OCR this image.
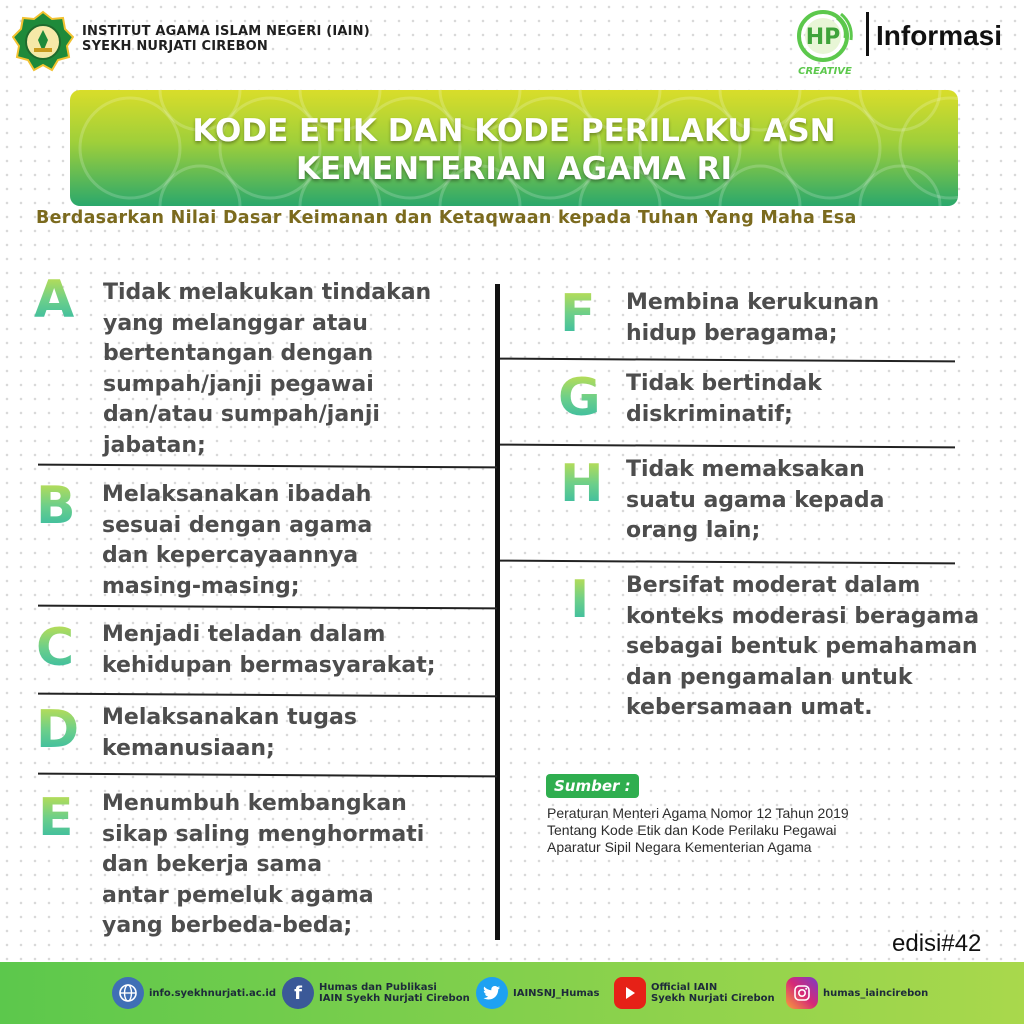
INSTITUT AGAMA ISLAM NEGERI (IAIN)
SYEKH NURJATI CIREBON	HP
CREATIVE
Informasi
KODE ETIK DAN KODE PERILAKU ASN
KEMENTERIAN AGAMA RI
Berdasarkan Nilai Dasar Keimanan dan Ketaqwaan kepada Tuhan Yang Maha Esa
A Tidak melakukan tindakan
yang melanggar atau
bertentangan dengan
sumpah/janji pegawai
dan/atau sumpah/janji
jabatan;
B Melaksanakan ibadah
sesuai dengan agama
dan kepercayaannya
masing-masing;
C Menjadi teladan dalam
kehidupan bermasyarakat;
D Melaksanakan tugas
kemanusiaan;
E Menumbuh kembangkan
sikap saling menghormati
dan bekerja sama
antar pemeluk agama
yang berbeda-beda;
F Membina kerukunan
hidup beragama;
G Tidak bertindak
diskriminatif;
H Tidak memaksakan
suatu agama kepada
orang lain;
I Bersifat moderat dalam
konteks moderasi beragama
sebagai bentuk pemahaman
dan pengamalan untuk
kebersamaan umat.
Sumber :
Peraturan Menteri Agama Nomor 12 Tahun 2019
Tentang Kode Etik dan Kode Perilaku Pegawai
Aparatur Sipil Negara Kementerian Agama
edisi#42
info.syekhnurjati.ac.id	f	Humas dan Publikasi
IAIN Syekh Nurjati Cirebon	IAINSNJ_Humas	Official IAIN
Syekh Nurjati Cirebon	humas_iaincirebon
